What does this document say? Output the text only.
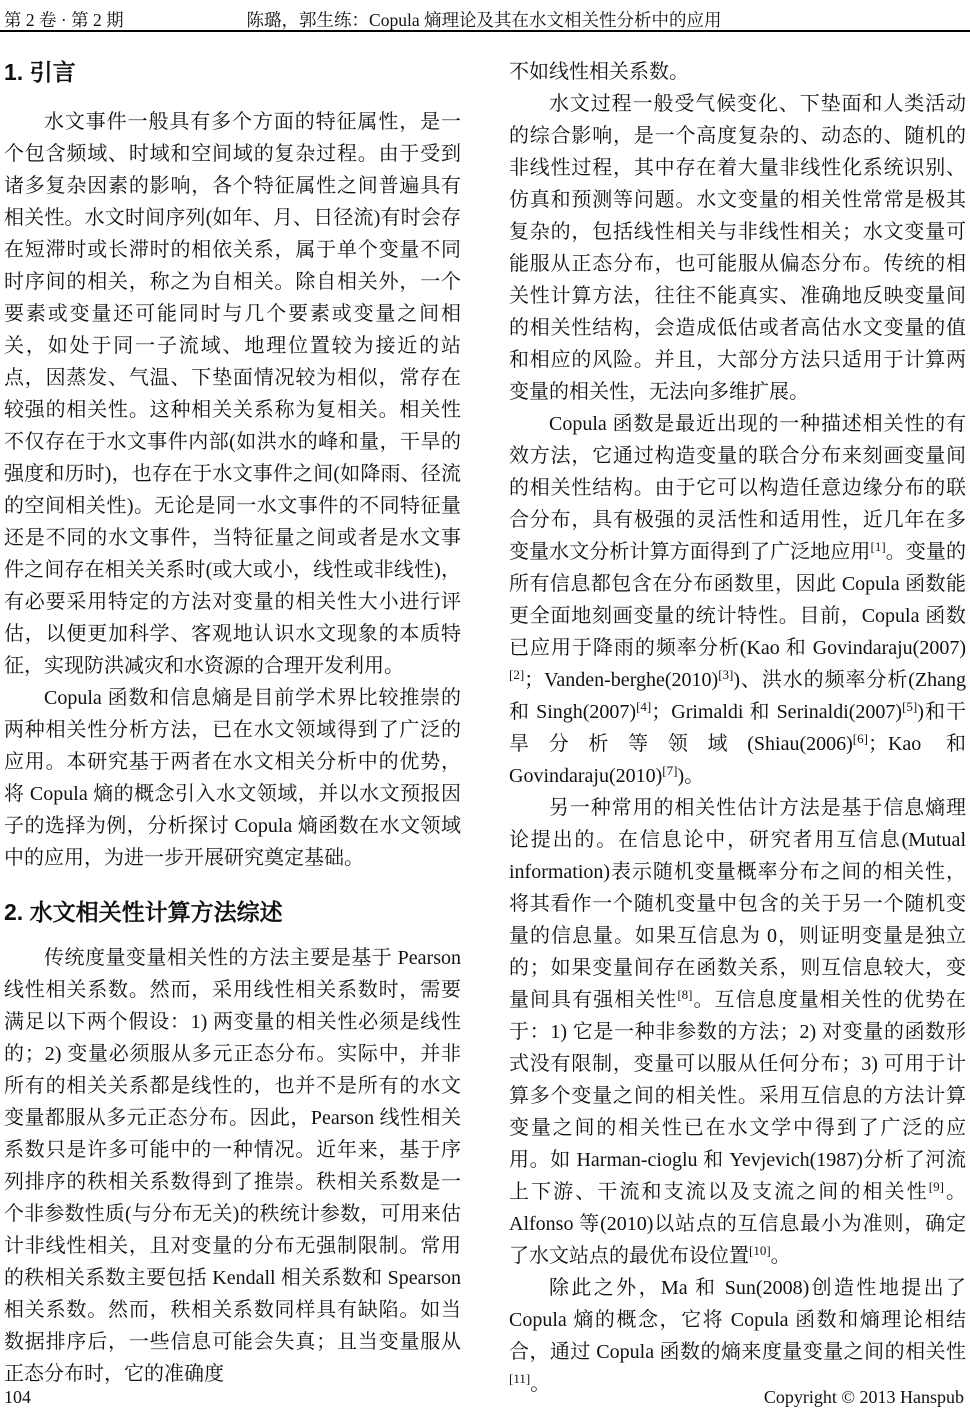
第 2 卷 · 第 2 期	陈璐，郭生练：Copula 熵理论及其在水文相关性分析中的应用
1. 引言

水文事件一般具有多个方面的特征属性，是一个包含频域、时域和空间域的复杂过程。由于受到诸多复杂因素的影响，各个特征属性之间普遍具有相关性。水文时间序列(如年、月、日径流)有时会存在短滞时或长滞时的相依关系，属于单个变量不同时序间的相关，称之为自相关。除自相关外，一个要素或变量还可能同时与几个要素或变量之间相关，如处于同一子流域、地理位置较为接近的站点，因蒸发、气温、下垫面情况较为相似，常存在较强的相关性。这种相关关系称为复相关。相关性不仅存在于水文事件内部(如洪水的峰和量，干旱的强度和历时)，也存在于水文事件之间(如降雨、径流的空间相关性)。无论是同一水文事件的不同特征量还是不同的水文事件，当特征量之间或者是水文事件之间存在相关关系时(或大或小，线性或非线性)，有必要采用特定的方法对变量的相关性大小进行评估，以便更加科学、客观地认识水文现象的本质特征，实现防洪减灾和水资源的合理开发利用。

Copula 函数和信息熵是目前学术界比较推崇的两种相关性分析方法，已在水文领域得到了广泛的应用。本研究基于两者在水文相关分析中的优势，将 Copula 熵的概念引入水文领域，并以水文预报因子的选择为例，分析探讨 Copula 熵函数在水文领域中的应用，为进一步开展研究奠定基础。

2. 水文相关性计算方法综述

传统度量变量相关性的方法主要是基于 Pearson 线性相关系数。然而，采用线性相关系数时，需要满足以下两个假设：1) 两变量的相关性必须是线性的；2) 变量必须服从多元正态分布。实际中，并非所有的相关关系都是线性的，也并不是所有的水文变量都服从多元正态分布。因此，Pearson 线性相关系数只是许多可能中的一种情况。近年来，基于序列排序的秩相关系数得到了推崇。秩相关系数是一个非参数性质(与分布无关)的秩统计参数，可用来估计非线性相关，且对变量的分布无强制限制。常用的秩相关系数主要包括 Kendall 相关系数和 Spearson 相关系数。然而，秩相关系数同样具有缺陷。如当数据排序后，一些信息可能会失真；且当变量服从正态分布时，它的准确度

不如线性相关系数。

水文过程一般受气候变化、下垫面和人类活动的综合影响，是一个高度复杂的、动态的、随机的非线性过程，其中存在着大量非线性化系统识别、仿真和预测等问题。水文变量的相关性常常是极其复杂的，包括线性相关与非线性相关；水文变量可能服从正态分布，也可能服从偏态分布。传统的相关性计算方法，往往不能真实、准确地反映变量间的相关性结构，会造成低估或者高估水文变量的值和相应的风险。并且，大部分方法只适用于计算两变量的相关性，无法向多维扩展。

Copula 函数是最近出现的一种描述相关性的有效方法，它通过构造变量的联合分布来刻画变量间的相关性结构。由于它可以构造任意边缘分布的联合分布，具有极强的灵活性和适用性，近几年在多变量水文分析计算方面得到了广泛地应用[1]。变量的所有信息都包含在分布函数里，因此 Copula 函数能更全面地刻画变量的统计特性。目前，Copula 函数已应用于降雨的频率分析(Kao 和 Govindaraju(2007)[2]；Vanden-berghe(2010)[3])、洪水的频率分析(Zhang 和 Singh(2007)[4]；Grimaldi 和 Serinaldi(2007)[5])和干旱分析等领域(Shiau(2006)[6]；Kao 和 Govindaraju(2010)[7])。

另一种常用的相关性估计方法是基于信息熵理论提出的。在信息论中，研究者用互信息(Mutual information)表示随机变量概率分布之间的相关性，将其看作一个随机变量中包含的关于另一个随机变量的信息量。如果互信息为 0，则证明变量是独立的；如果变量间存在函数关系，则互信息较大，变量间具有强相关性[8]。互信息度量相关性的优势在于：1) 它是一种非参数的方法；2) 对变量的函数形式没有限制，变量可以服从任何分布；3) 可用于计算多个变量之间的相关性。采用互信息的方法计算变量之间的相关性已在水文学中得到了广泛的应用。如 Harman-cioglu 和 Yevjevich(1987)分析了河流上下游、干流和支流以及支流之间的相关性[9]。Alfonso 等(2010)以站点的互信息最小为准则，确定了水文站点的最优布设位置[10]。

除此之外，Ma 和 Sun(2008)创造性地提出了 Copula 熵的概念，它将 Copula 函数和熵理论相结合，通过 Copula 函数的熵来度量变量之间的相关性[11]。

104	Copyright © 2013 Hanspub
